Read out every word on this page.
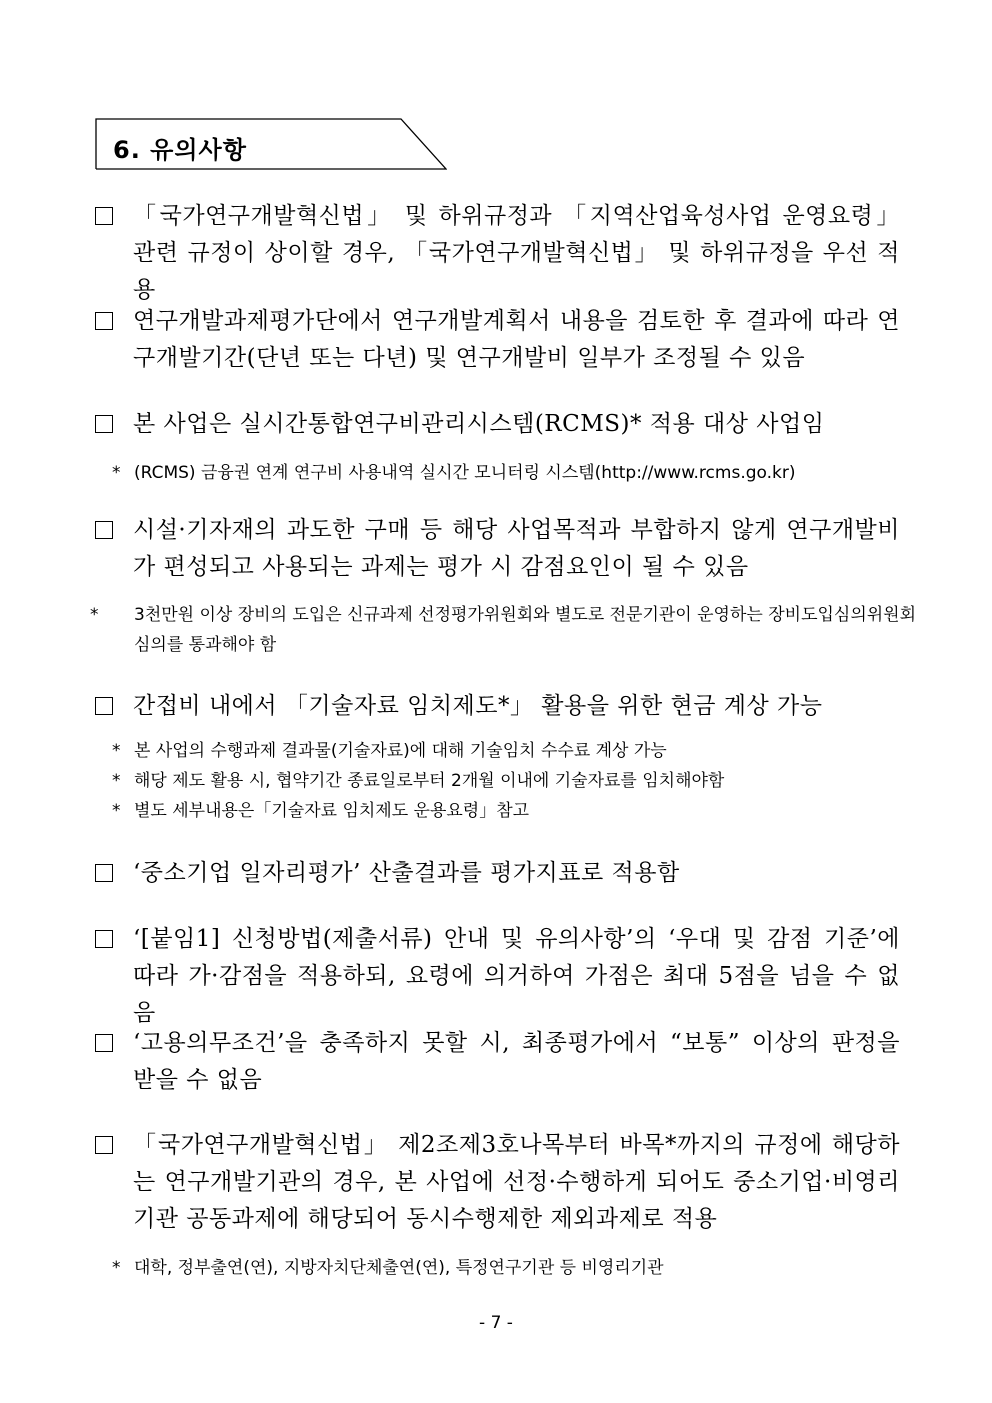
6. 유의사항
「국가연구개발혁신법」 및 하위규정과 「지역산업육성사업 운영요령」 관련 규정이 상이할 경우, 「국가연구개발혁신법」 및 하위규정을 우선 적용
연구개발과제평가단에서 연구개발계획서 내용을 검토한 후 결과에 따라 연구개발기간(단년 또는 다년) 및 연구개발비 일부가 조정될 수 있음
본 사업은 실시간통합연구비관리시스템(RCMS)* 적용 대상 사업임
* (RCMS) 금융권 연계 연구비 사용내역 실시간 모니터링 시스템(http://www.rcms.go.kr)
시설·기자재의 과도한 구매 등 해당 사업목적과 부합하지 않게 연구개발비가 편성되고 사용되는 과제는 평가 시 감점요인이 될 수 있음
* 3천만원 이상 장비의 도입은 신규과제 선정평가위원회와 별도로 전문기관이 운영하는 장비도입심의위원회 심의를 통과해야 함
간접비 내에서 「기술자료 임치제도*」 활용을 위한 현금 계상 가능
* 본 사업의 수행과제 결과물(기술자료)에 대해 기술임치 수수료 계상 가능
* 해당 제도 활용 시, 협약기간 종료일로부터 2개월 이내에 기술자료를 임치해야함
* 별도 세부내용은「기술자료 임치제도 운용요령」참고
‘중소기업 일자리평가’ 산출결과를 평가지표로 적용함
‘[붙임1] 신청방법(제출서류) 안내 및 유의사항’의 ‘우대 및 감점 기준’에 따라 가·감점을 적용하되, 요령에 의거하여 가점은 최대 5점을 넘을 수 없음
‘고용의무조건’을 충족하지 못할 시, 최종평가에서 “보통” 이상의 판정을 받을 수 없음
「국가연구개발혁신법」 제2조제3호나목부터 바목*까지의 규정에 해당하는 연구개발기관의 경우, 본 사업에 선정·수행하게 되어도 중소기업·비영리기관 공동과제에 해당되어 동시수행제한 제외과제로 적용
* 대학, 정부출연(연), 지방자치단체출연(연), 특정연구기관 등 비영리기관
- 7 -
